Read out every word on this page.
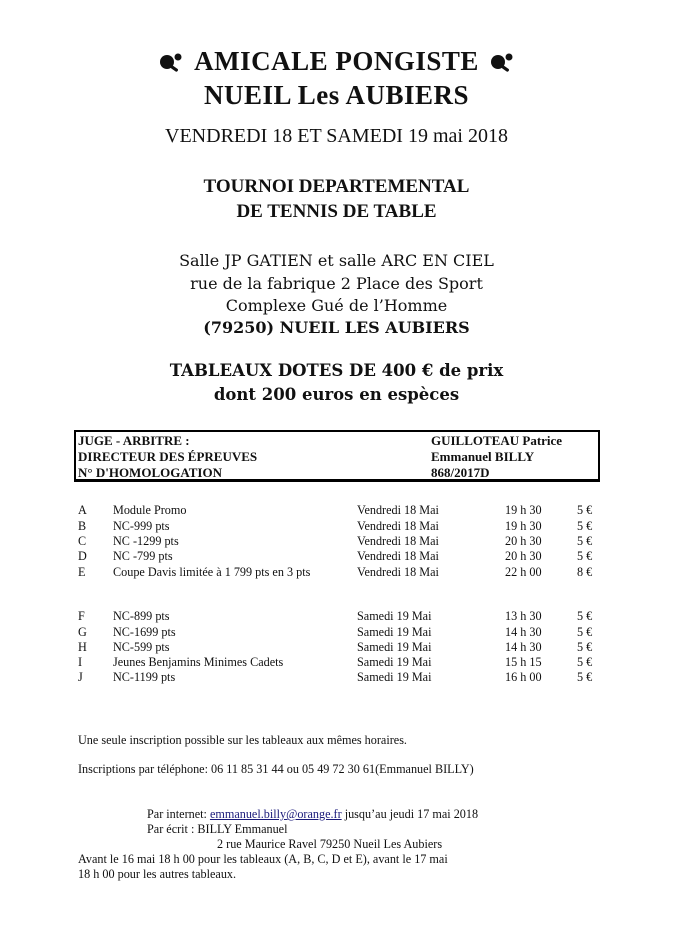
AMICALE PONGISTE
NUEIL Les AUBIERS
VENDREDI 18 ET SAMEDI 19 mai 2018
TOURNOI DEPARTEMENTAL
DE TENNIS DE TABLE
Salle JP GATIEN et salle ARC EN CIEL
rue de la fabrique 2 Place des Sport
Complexe Gué de l’Homme
(79250) NUEIL LES AUBIERS
TABLEAUX DOTES DE 400 € de prix
dont 200 euros en espèces
JUGE - ARBITRE :	GUILLOTEAU Patrice
DIRECTEUR DES ÉPREUVES	Emmanuel BILLY
N° D'HOMOLOGATION	868/2017D
A Module Promo	Vendredi 18 Mai	19 h 30	5 €
B NC-999 pts	Vendredi 18 Mai	19 h 30	5 €
C NC -1299 pts	Vendredi 18 Mai	20 h 30	5 €
D NC -799 pts	Vendredi 18 Mai	20 h 30	5 €
E Coupe Davis limitée à 1 799 pts en 3 pts	Vendredi 18 Mai	22 h 00	8 €
F NC-899 pts	Samedi 19 Mai	13 h 30	5 €
G NC-1699 pts	Samedi 19 Mai	14 h 30	5 €
H NC-599 pts	Samedi 19 Mai	14 h 30	5 €
I	Jeunes Benjamins Minimes Cadets	Samedi 19 Mai	15 h 15	5 €
J NC-1199 pts	Samedi 19 Mai	16 h 00	5 €
Une seule inscription possible sur les tableaux aux mêmes horaires.
Inscriptions par téléphone: 06 11 85 31 44 ou 05 49 72 30 61(Emmanuel BILLY)
Par internet: emmanuel.billy@orange.fr jusqu’au jeudi 17 mai 2018
Par écrit : BILLY Emmanuel
2 rue Maurice Ravel 79250 Nueil Les Aubiers
Avant le 16 mai 18 h 00 pour les tableaux (A, B, C, D et E), avant le 17 mai
18 h 00 pour les autres tableaux.
